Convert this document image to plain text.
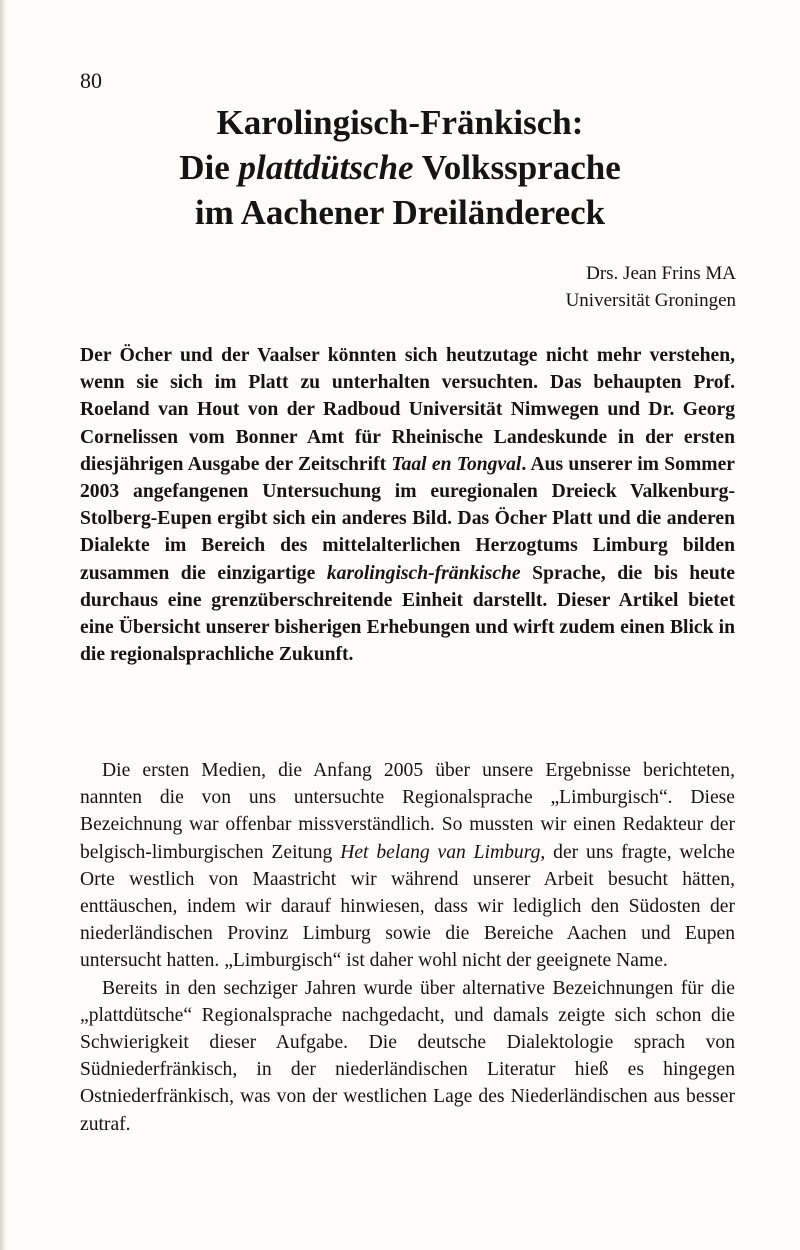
80
Karolingisch-Fränkisch:
Die plattdütsche Volkssprache
im Aachener Dreiländereck
Drs. Jean Frins MA
Universität Groningen

Der Öcher und der Vaalser könnten sich heutzutage nicht mehr verstehen, wenn sie sich im Platt zu unterhalten versuchten. Das behaupten Prof. Roeland van Hout von der Radboud Universität Nimwegen und Dr. Georg Cornelissen vom Bonner Amt für Rheinische Landeskunde in der ersten diesjährigen Ausgabe der Zeitschrift Taal en Tongval. Aus unserer im Sommer 2003 angefangenen Untersuchung im euregionalen Dreieck Valkenburg-Stolberg-Eupen ergibt sich ein anderes Bild. Das Öcher Platt und die anderen Dialekte im Bereich des mittelalterlichen Herzogtums Limburg bilden zusammen die einzigartige karolingisch-fränkische Sprache, die bis heute durchaus eine grenzüberschreitende Einheit darstellt. Dieser Artikel bietet eine Übersicht unserer bisherigen Erhebungen und wirft zudem einen Blick in die regionalsprachliche Zukunft.

Die ersten Medien, die Anfang 2005 über unsere Ergebnisse berichteten, nannten die von uns untersuchte Regionalsprache „Limburgisch“. Diese Bezeichnung war offenbar missverständlich. So mussten wir einen Redakteur der belgisch-limburgischen Zeitung Het belang van Limburg, der uns fragte, welche Orte westlich von Maastricht wir während unserer Arbeit besucht hätten, enttäuschen, indem wir darauf hinwiesen, dass wir lediglich den Südosten der niederländischen Provinz Limburg sowie die Bereiche Aachen und Eupen untersucht hatten. „Limburgisch“ ist daher wohl nicht der geeignete Name.

Bereits in den sechziger Jahren wurde über alternative Bezeichnungen für die „plattdütsche“ Regionalsprache nachgedacht, und damals zeigte sich schon die Schwierigkeit dieser Aufgabe. Die deutsche Dialektologie sprach von Südniederfränkisch, in der niederländischen Literatur hieß es hingegen Ostniederfränkisch, was von der westlichen Lage des Niederländischen aus besser zutraf.
